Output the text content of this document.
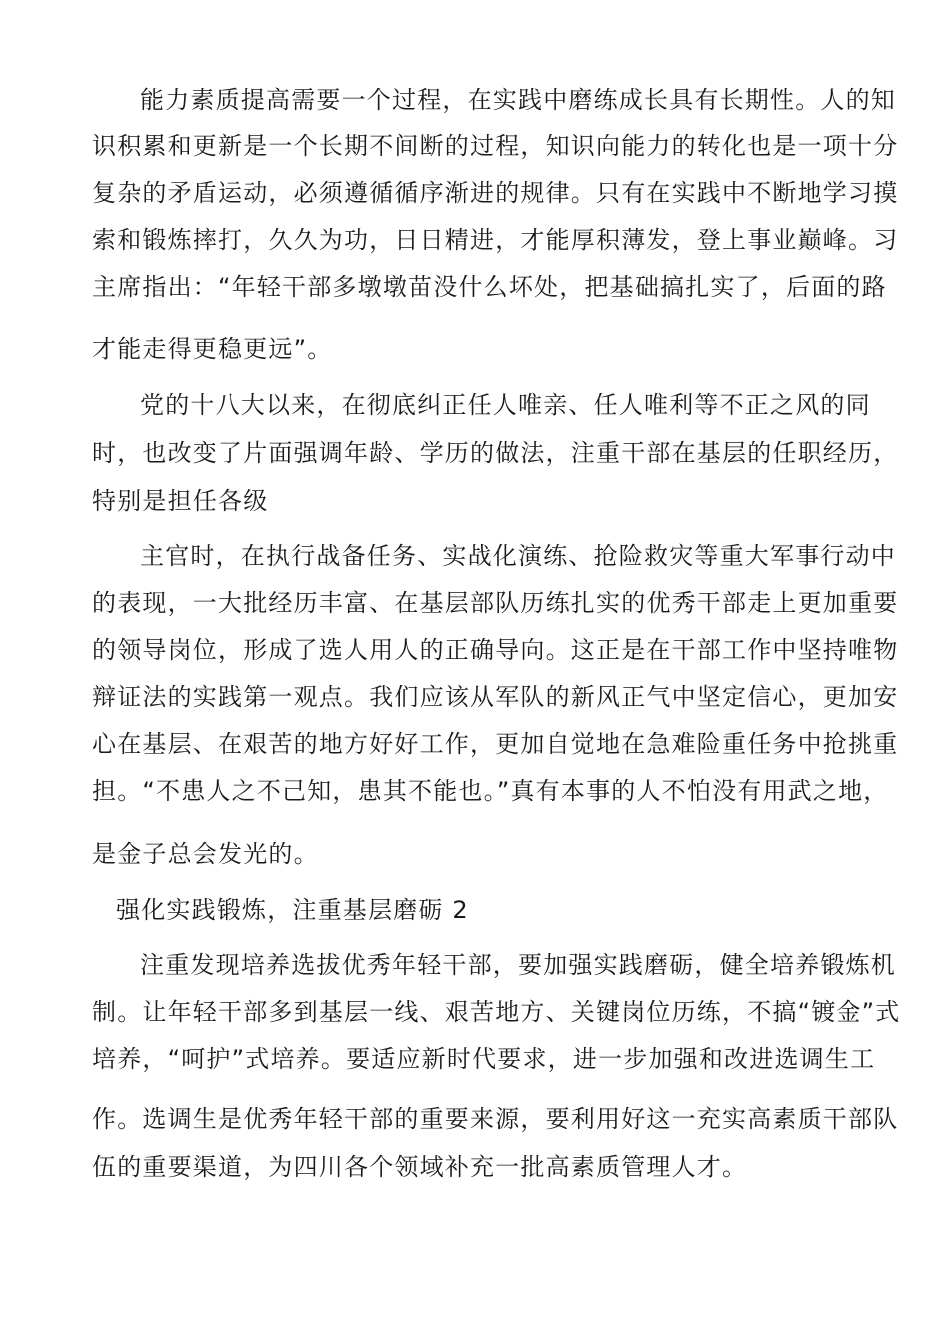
能力素质提高需要一个过程，在实践中磨练成长具有长期性。人的知
识积累和更新是一个长期不间断的过程，知识向能力的转化也是一项十分
复杂的矛盾运动，必须遵循循序渐进的规律。只有在实践中不断地学习摸
索和锻炼摔打，久久为功，日日精进，才能厚积薄发，登上事业巅峰。习
主席指出：“年轻干部多墩墩苗没什么坏处，把基础搞扎实了，后面的路
才能走得更稳更远”。
党的十八大以来，在彻底纠正任人唯亲、任人唯利等不正之风的同
时，也改变了片面强调年龄、学历的做法，注重干部在基层的任职经历，
特别是担任各级
主官时，在执行战备任务、实战化演练、抢险救灾等重大军事行动中
的表现，一大批经历丰富、在基层部队历练扎实的优秀干部走上更加重要
的领导岗位，形成了选人用人的正确导向。这正是在干部工作中坚持唯物
辩证法的实践第一观点。我们应该从军队的新风正气中坚定信心，更加安
心在基层、在艰苦的地方好好工作，更加自觉地在急难险重任务中抢挑重
担。“不患人之不己知，患其不能也。”真有本事的人不怕没有用武之地，
是金子总会发光的。
强化实践锻炼，注重基层磨砺 2
注重发现培养选拔优秀年轻干部，要加强实践磨砺，健全培养锻炼机
制。让年轻干部多到基层一线、艰苦地方、关键岗位历练，不搞“镀金”式
培养，“呵护”式培养。要适应新时代要求，进一步加强和改进选调生工
作。选调生是优秀年轻干部的重要来源，要利用好这一充实高素质干部队
伍的重要渠道，为四川各个领域补充一批高素质管理人才。
